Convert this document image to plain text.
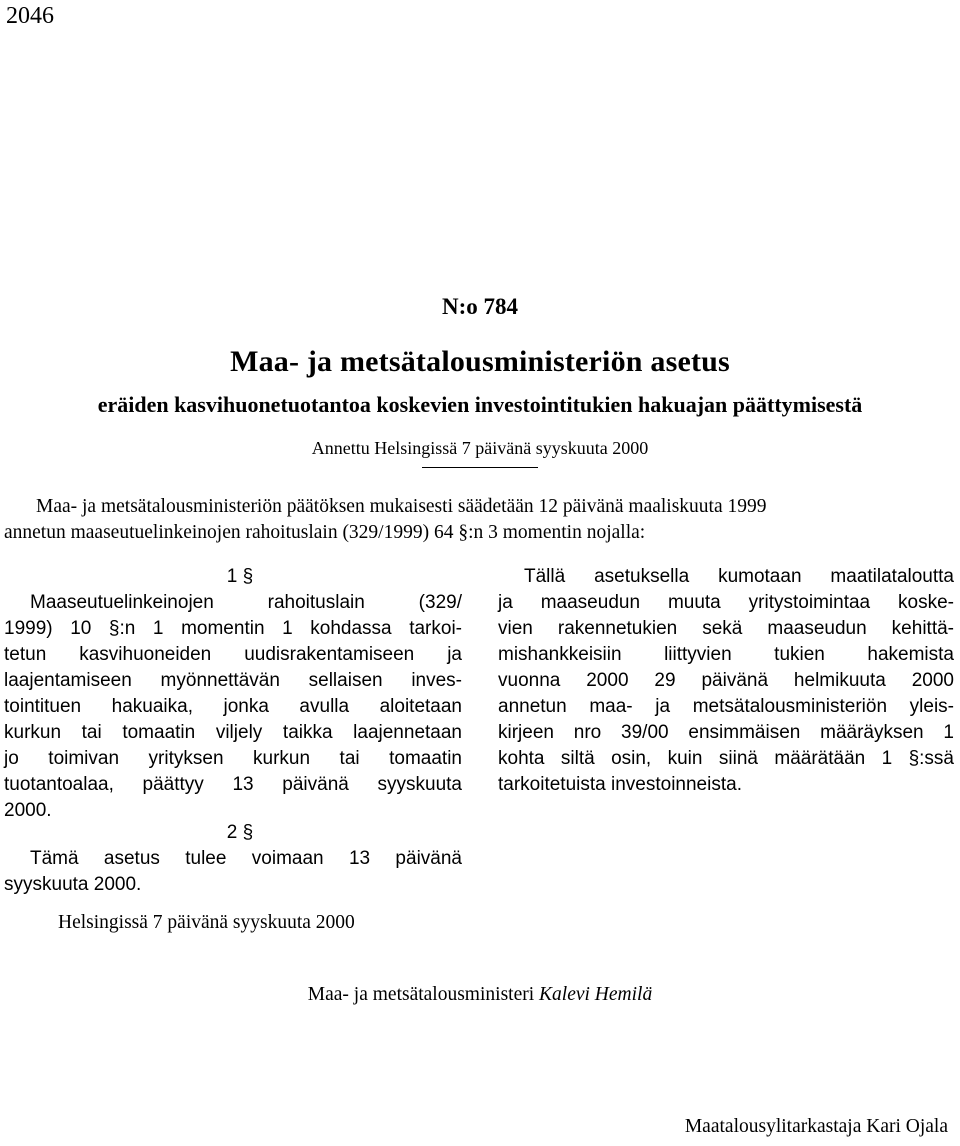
2046
N:o 784
Maa- ja metsätalousministeriön asetus
eräiden kasvihuonetuotantoa koskevien investointitukien hakuajan päättymisestä
Annettu Helsingissä 7 päivänä syyskuuta 2000
Maa- ja metsätalousministeriön päätöksen mukaisesti säädetään 12 päivänä maaliskuuta 1999
annetun maaseutuelinkeinojen rahoituslain (329/1999) 64 §:n 3 momentin nojalla:
1 §
Maaseutuelinkeinojen rahoituslain (329/
1999) 10 §:n 1 momentin 1 kohdassa tarkoi-
tetun kasvihuoneiden uudisrakentamiseen ja
laajentamiseen myönnettävän sellaisen inves-
tointituen hakuaika, jonka avulla aloitetaan
kurkun tai tomaatin viljely taikka laajennetaan
jo toimivan yrityksen kurkun tai tomaatin
tuotantoalaa, päättyy 13 päivänä syyskuuta
2000.
2 §
Tämä asetus tulee voimaan 13 päivänä
syyskuuta 2000.
Tällä asetuksella kumotaan maatilataloutta
ja maaseudun muuta yritystoimintaa koske-
vien rakennetukien sekä maaseudun kehittä-
mishankkeisiin liittyvien tukien hakemista
vuonna 2000 29 päivänä helmikuuta 2000
annetun maa- ja metsätalousministeriön yleis-
kirjeen nro 39/00 ensimmäisen määräyksen 1
kohta siltä osin, kuin siinä määrätään 1 §:ssä
tarkoitetuista investoinneista.
Helsingissä 7 päivänä syyskuuta 2000
Maa- ja metsätalousministeri Kalevi Hemilä
Maatalousylitarkastaja Kari Ojala
